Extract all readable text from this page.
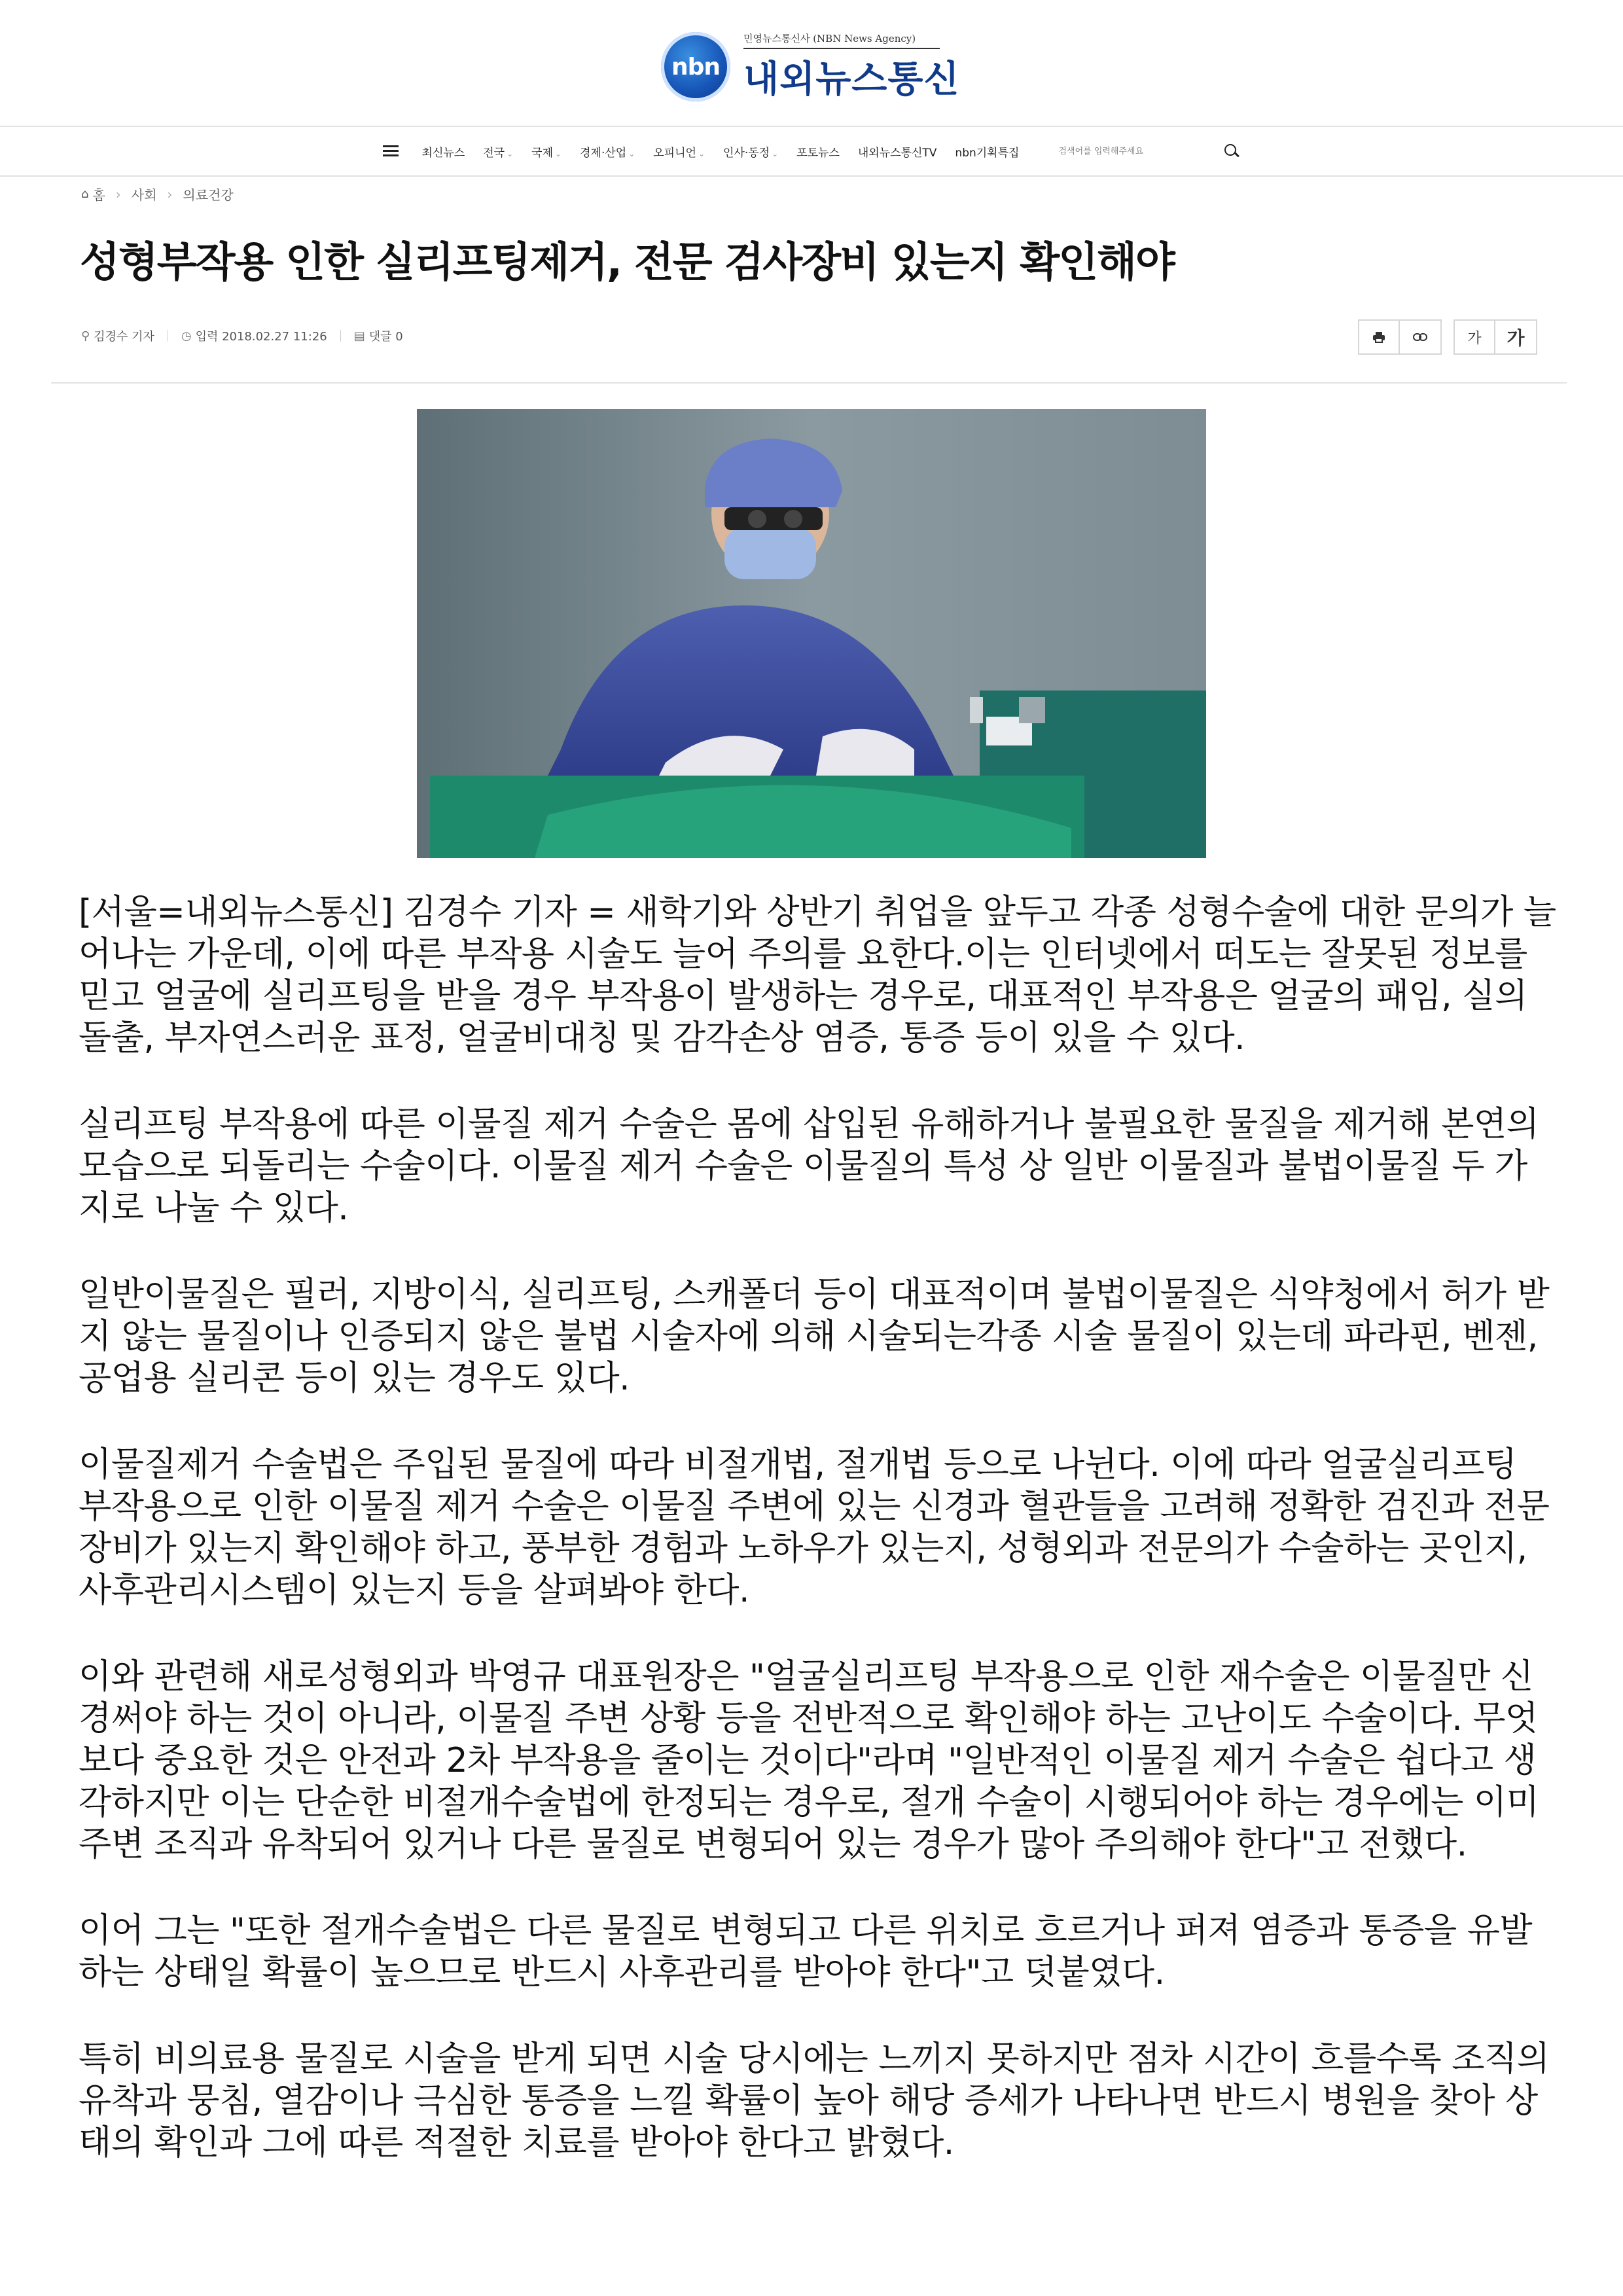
nbn
민영뉴스통신사 (NBN News Agency)
내외뉴스통신
최신뉴스 전국 ⌄	국제 ⌄	경제·산업 ⌄	오피니언 ⌄	인사·동정 ⌄	포토뉴스 내외뉴스통신TV nbn기획특집
검색어를 입력해주세요
⌂ 홈 › 사회 › 의료건강
성형부작용 인한 실리프팅제거, 전문 검사장비 있는지 확인해야
⚲ 김경수 기자 ◷ 입력 2018.02.27 11:26 ▤ 댓글 0	가	가

[서울=내외뉴스통신] 김경수 기자 = 새학기와 상반기 취업을 앞두고 각종 성형수술에 대한 문의가 늘어나는 가운데, 이에 따른 부작용 시술도 늘어 주의를 요한다.이는 인터넷에서 떠도는 잘못된 정보를 믿고 얼굴에 실리프팅을 받을 경우 부작용이 발생하는 경우로, 대표적인 부작용은 얼굴의 패임, 실의 돌출, 부자연스러운 표정, 얼굴비대칭 및 감각손상 염증, 통증 등이 있을 수 있다.

실리프팅 부작용에 따른 이물질 제거 수술은 몸에 삽입된 유해하거나 불필요한 물질을 제거해 본연의 모습으로 되돌리는 수술이다. 이물질 제거 수술은 이물질의 특성 상 일반 이물질과 불법이물질 두 가지로 나눌 수 있다.

일반이물질은 필러, 지방이식, 실리프팅, 스캐폴더 등이 대표적이며 불법이물질은 식약청에서 허가 받지 않는 물질이나 인증되지 않은 불법 시술자에 의해 시술되는각종 시술 물질이 있는데 파라핀, 벤젠, 공업용 실리콘 등이 있는 경우도 있다.

이물질제거 수술법은 주입된 물질에 따라 비절개법, 절개법 등으로 나뉜다. 이에 따라 얼굴실리프팅 부작용으로 인한 이물질 제거 수술은 이물질 주변에 있는 신경과 혈관들을 고려해 정확한 검진과 전문 장비가 있는지 확인해야 하고, 풍부한 경험과 노하우가 있는지, 성형외과 전문의가 수술하는 곳인지, 사후관리시스템이 있는지 등을 살펴봐야 한다.

이와 관련해 새로성형외과 박영규 대표원장은 "얼굴실리프팅 부작용으로 인한 재수술은 이물질만 신경써야 하는 것이 아니라, 이물질 주변 상황 등을 전반적으로 확인해야 하는 고난이도 수술이다. 무엇보다 중요한 것은 안전과 2차 부작용을 줄이는 것이다"라며 "일반적인 이물질 제거 수술은 쉽다고 생각하지만 이는 단순한 비절개수술법에 한정되는 경우로, 절개 수술이 시행되어야 하는 경우에는 이미 주변 조직과 유착되어 있거나 다른 물질로 변형되어 있는 경우가 많아 주의해야 한다"고 전했다.

이어 그는 "또한 절개수술법은 다른 물질로 변형되고 다른 위치로 흐르거나 퍼져 염증과 통증을 유발하는 상태일 확률이 높으므로 반드시 사후관리를 받아야 한다"고 덧붙였다.

특히 비의료용 물질로 시술을 받게 되면 시술 당시에는 느끼지 못하지만 점차 시간이 흐를수록 조직의 유착과 뭉침, 열감이나 극심한 통증을 느낄 확률이 높아 해당 증세가 나타나면 반드시 병원을 찾아 상태의 확인과 그에 따른 적절한 치료를 받아야 한다고 밝혔다.
